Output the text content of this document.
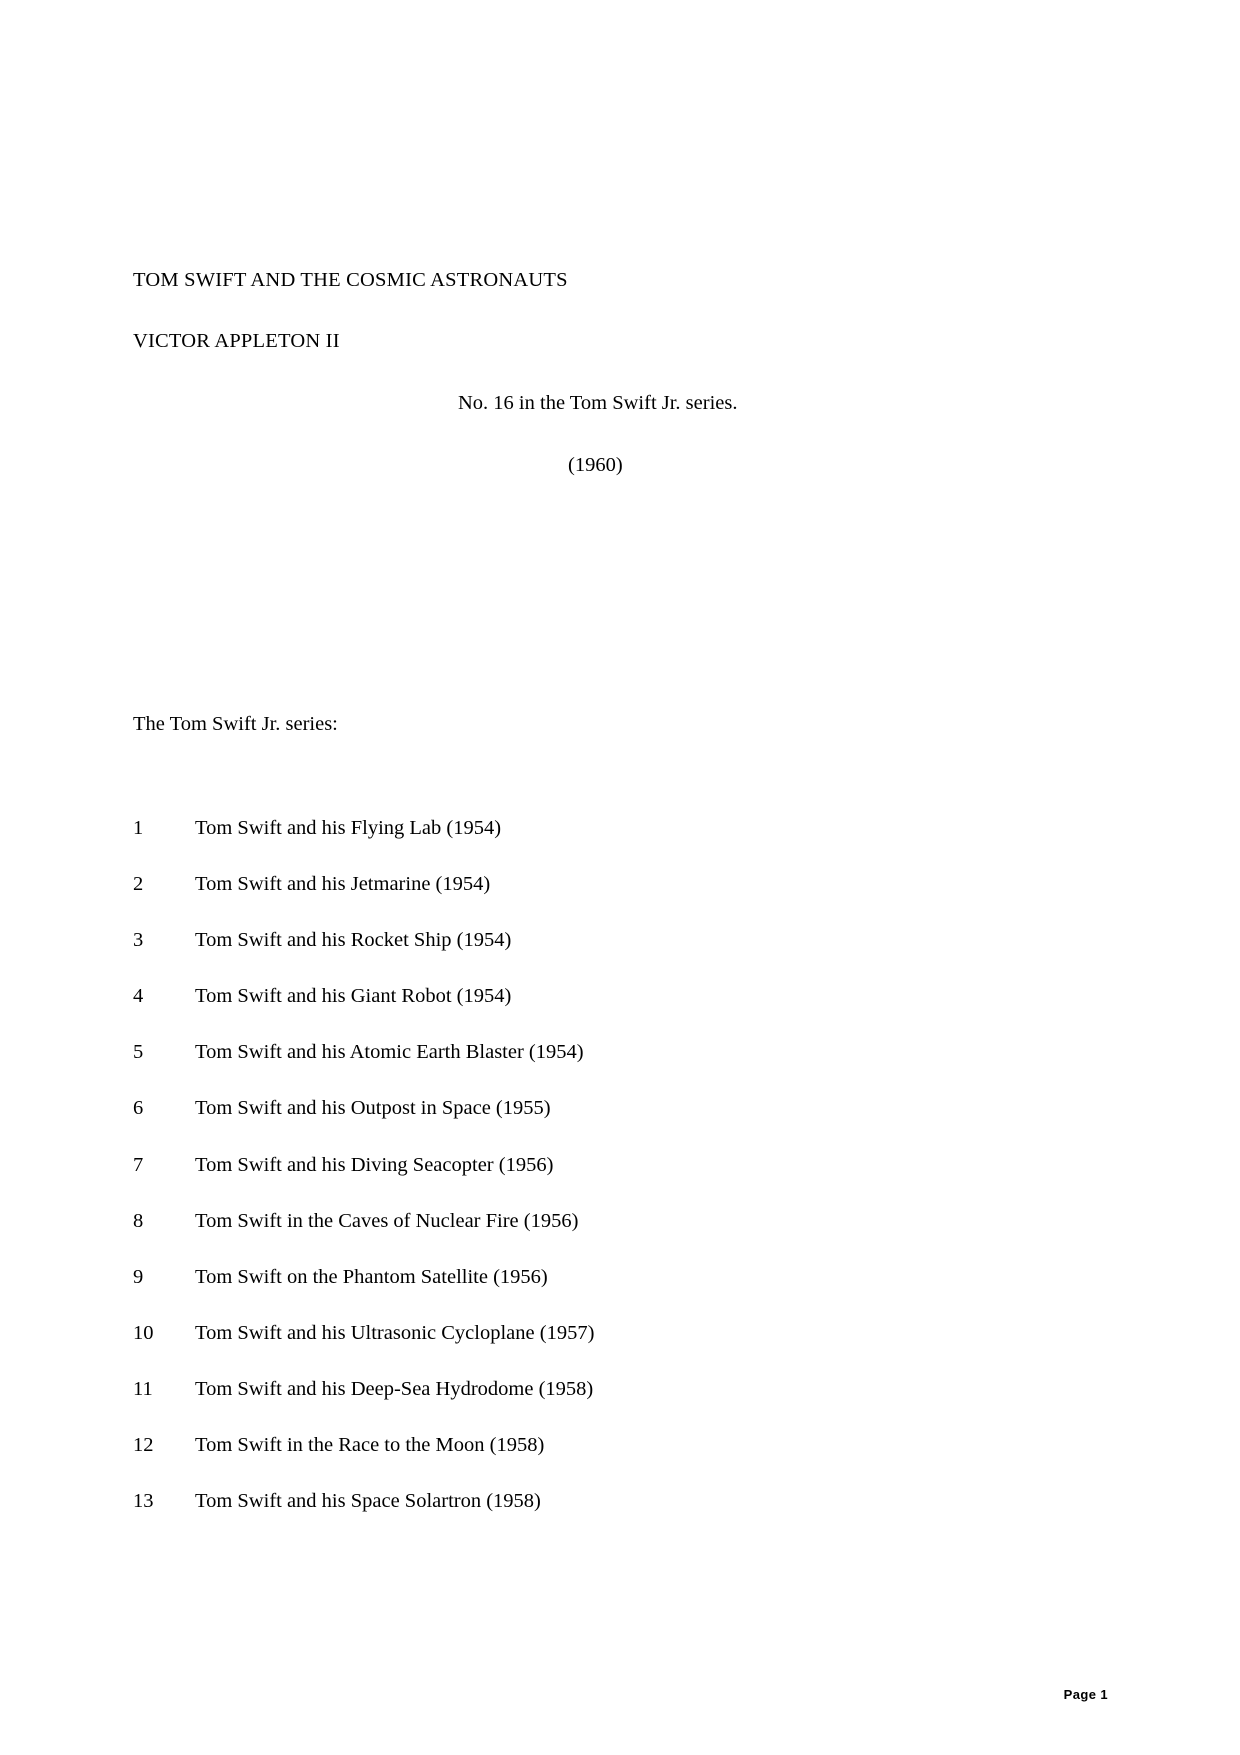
TOM SWIFT AND THE COSMIC ASTRONAUTS
VICTOR APPLETON II
No. 16 in the Tom Swift Jr. series.
(1960)
The Tom Swift Jr. series:
1	Tom Swift and his Flying Lab (1954)
2	Tom Swift and his Jetmarine (1954)
3	Tom Swift and his Rocket Ship (1954)
4	Tom Swift and his Giant Robot (1954)
5	Tom Swift and his Atomic Earth Blaster (1954)
6	Tom Swift and his Outpost in Space (1955)
7	Tom Swift and his Diving Seacopter (1956)
8	Tom Swift in the Caves of Nuclear Fire (1956)
9	Tom Swift on the Phantom Satellite (1956)
10	Tom Swift and his Ultrasonic Cycloplane (1957)
11	Tom Swift and his Deep-Sea Hydrodome (1958)
12	Tom Swift in the Race to the Moon (1958)
13	Tom Swift and his Space Solartron (1958)
Page 1
